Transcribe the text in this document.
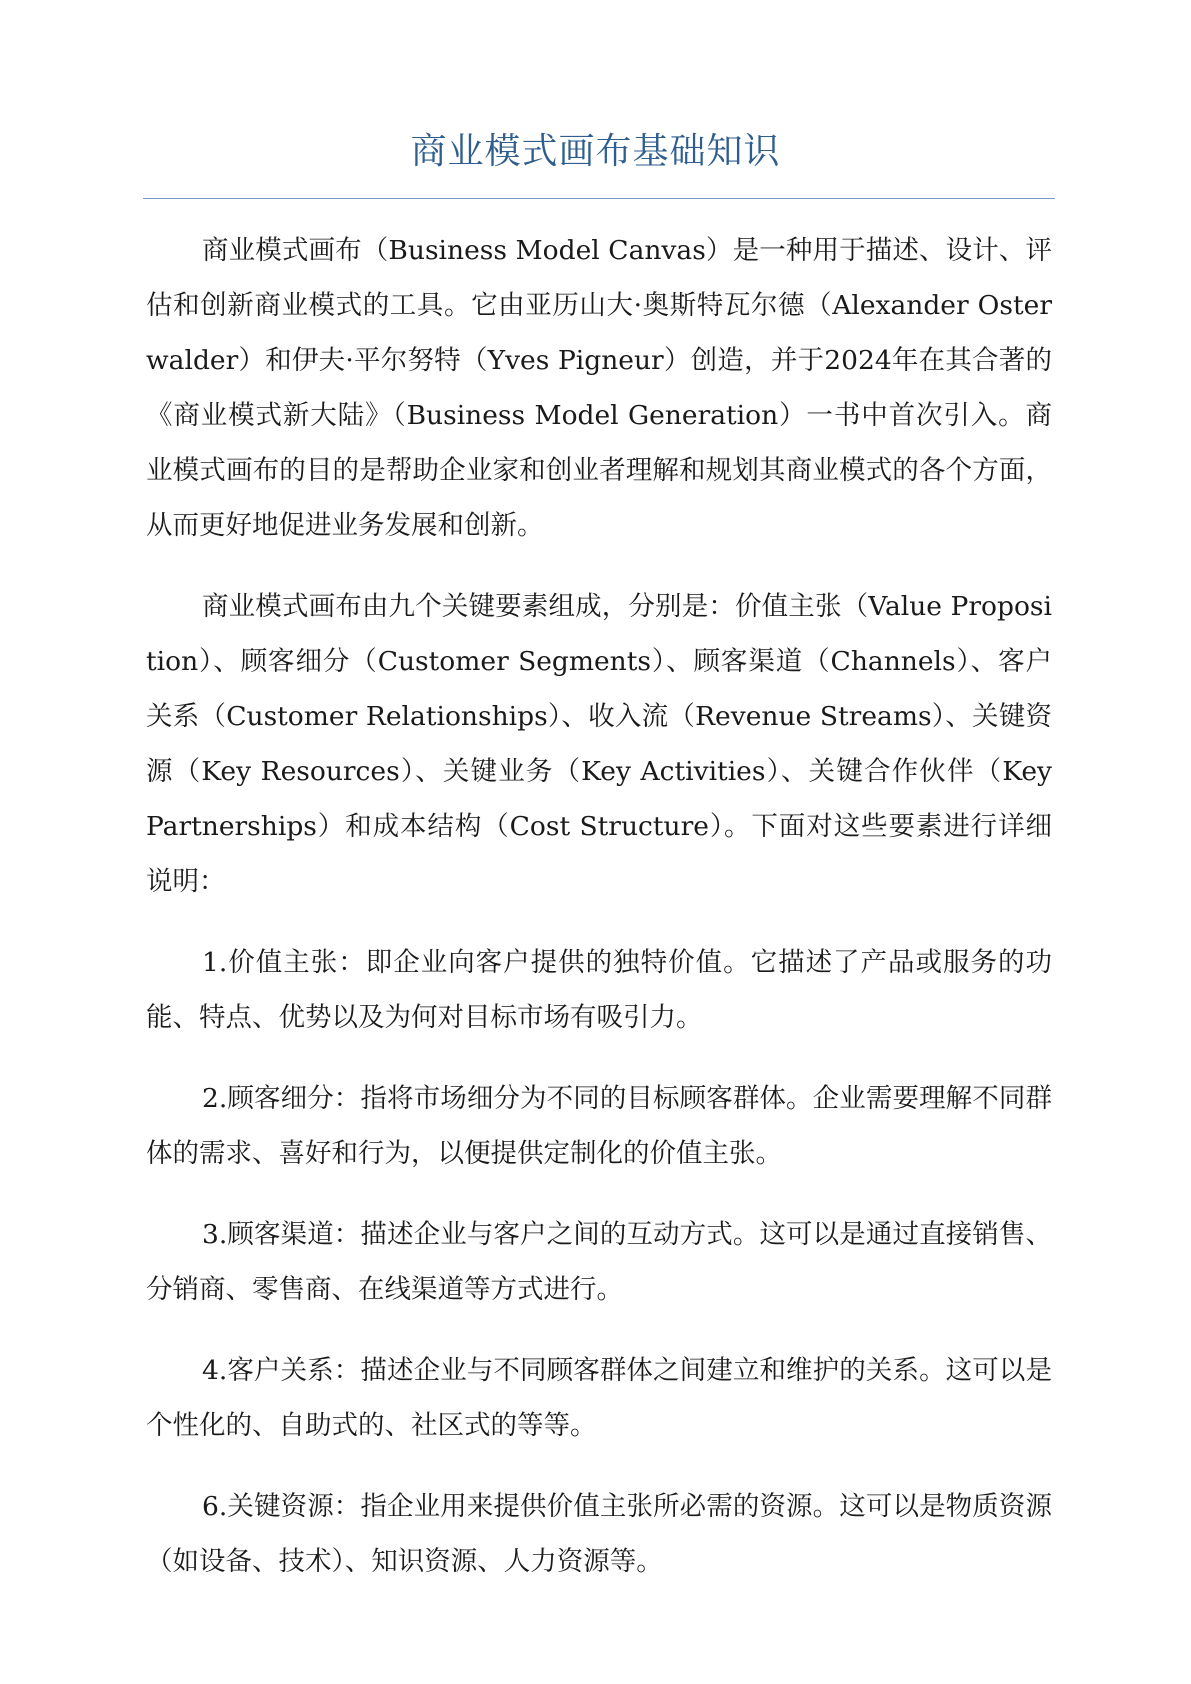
商业模式画布基础知识

商业模式画布（Business Model Canvas）是一种用于描述、设计、评估和创新商业模式的工具。它由亚历山大·奥斯特瓦尔德（Alexander Osterwalder）和伊夫·平尔努特（Yves Pigneur）创造，并于2024年在其合著的《商业模式新大陆》（Business Model Generation）一书中首次引入。商业模式画布的目的是帮助企业家和创业者理解和规划其商业模式的各个方面，从而更好地促进业务发展和创新。

商业模式画布由九个关键要素组成，分别是：价值主张（Value Proposition）、顾客细分（Customer Segments）、顾客渠道（Channels）、客户关系（Customer Relationships）、收入流（Revenue Streams）、关键资源（Key Resources）、关键业务（Key Activities）、关键合作伙伴（Key Partnerships）和成本结构（Cost Structure）。下面对这些要素进行详细说明：

1.价值主张：即企业向客户提供的独特价值。它描述了产品或服务的功能、特点、优势以及为何对目标市场有吸引力。

2.顾客细分：指将市场细分为不同的目标顾客群体。企业需要理解不同群体的需求、喜好和行为，以便提供定制化的价值主张。

3.顾客渠道：描述企业与客户之间的互动方式。这可以是通过直接销售、分销商、零售商、在线渠道等方式进行。

4.客户关系：描述企业与不同顾客群体之间建立和维护的关系。这可以是个性化的、自助式的、社区式的等等。

6.关键资源：指企业用来提供价值主张所必需的资源。这可以是物质资源（如设备、技术）、知识资源、人力资源等。
